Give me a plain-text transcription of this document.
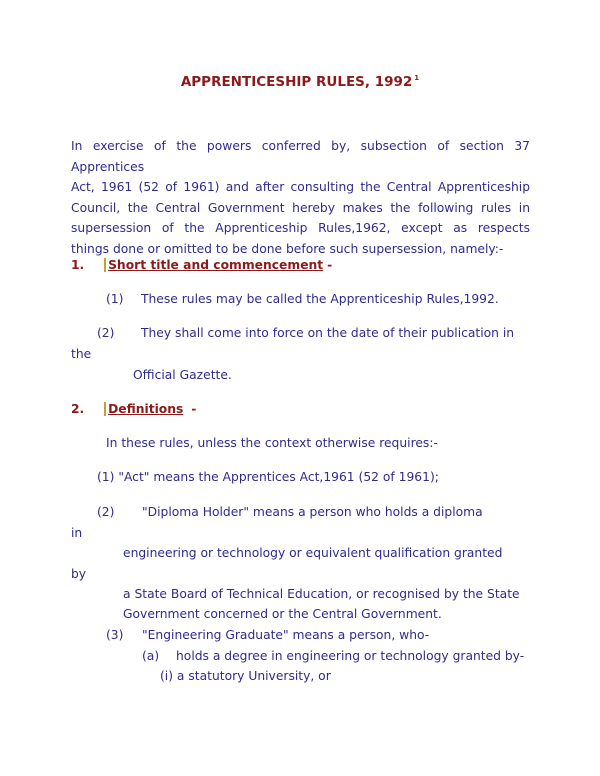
APPRENTICESHIP RULES, 1992 $^1$
In exercise of the powers conferred by, subsection of section 37 Apprentices
Act, 1961 (52 of 1961) and after consulting the Central Apprenticeship
Council, the Central Government hereby makes the following rules in
supersession of the Apprenticeship Rules,1962, except as respects
things done or omitted to be done before such supersession, namely:-
1. Short title and commencement -
(1) These rules may be called the Apprenticeship Rules,1992.
(2) They shall come into force on the date of their publication in
the
Official Gazette.
2. Definitions -
In these rules, unless the context otherwise requires:-
(1) "Act" means the Apprentices Act,1961 (52 of 1961);
(2) "Diploma Holder" means a person who holds a diploma
in
engineering or technology or equivalent qualification granted
by
a State Board of Technical Education, or recognised by the State
Government concerned or the Central Government.
(3) "Engineering Graduate" means a person, who-
(a) holds a degree in engineering or technology granted by-
(i) a statutory University, or
